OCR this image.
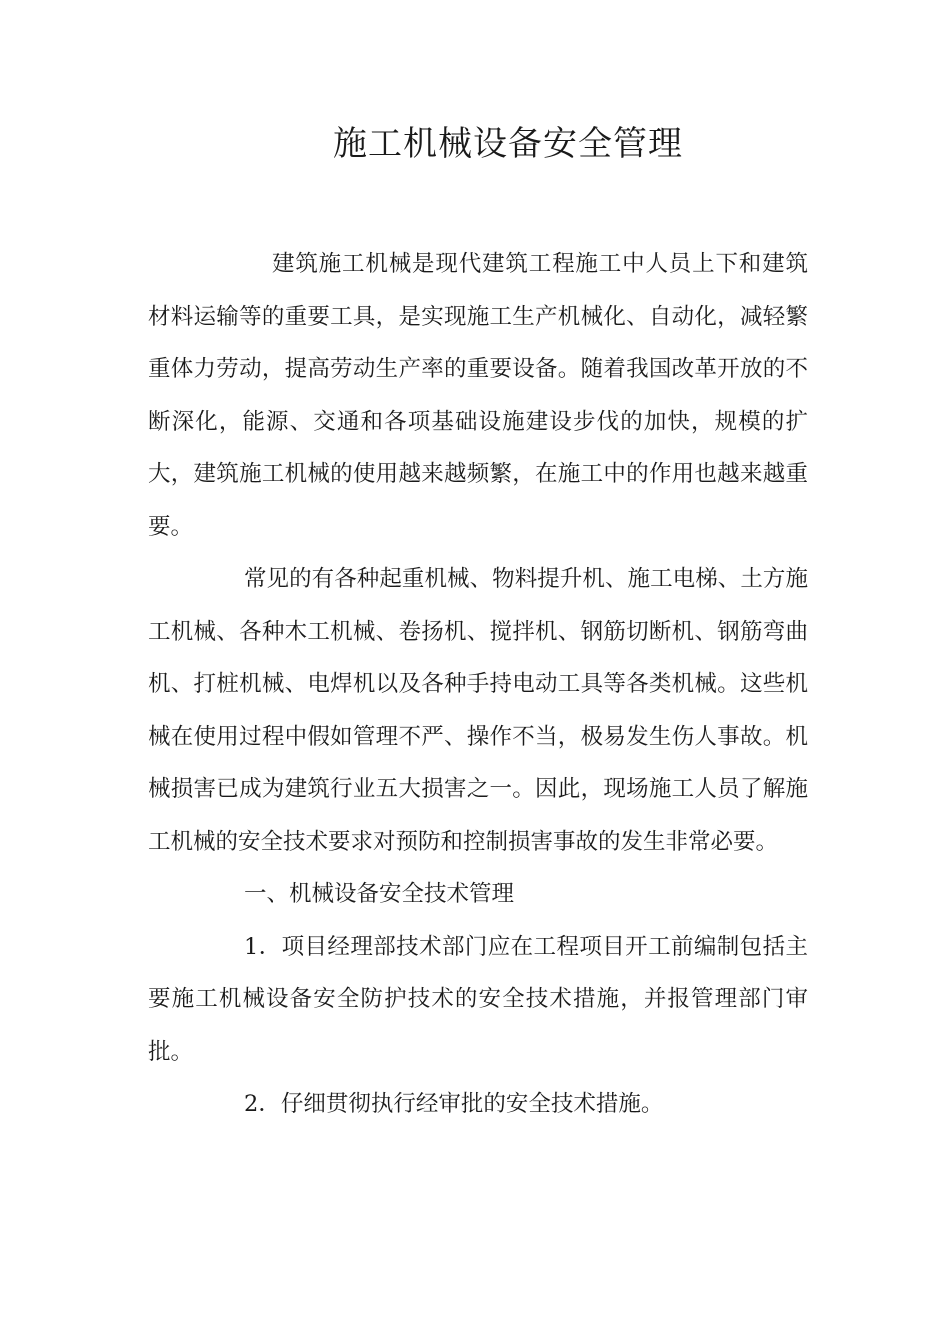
施工机械设备安全管理

建筑施工机械是现代建筑工程施工中人员上下和建筑材料运输等的重要工具，是实现施工生产机械化、自动化，减轻繁重体力劳动，提高劳动生产率的重要设备。随着我国改革开放的不断深化，能源、交通和各项基础设施建设步伐的加快，规模的扩大，建筑施工机械的使用越来越频繁，在施工中的作用也越来越重要。

常见的有各种起重机械、物料提升机、施工电梯、土方施工机械、各种木工机械、卷扬机、搅拌机、钢筋切断机、钢筋弯曲机、打桩机械、电焊机以及各种手持电动工具等各类机械。这些机械在使用过程中假如管理不严、操作不当，极易发生伤人事故。机械损害已成为建筑行业五大损害之一。因此，现场施工人员了解施工机械的安全技术要求对预防和控制损害事故的发生非常必要。

一、机械设备安全技术管理

1．项目经理部技术部门应在工程项目开工前编制包括主要施工机械设备安全防护技术的安全技术措施，并报管理部门审批。

2．仔细贯彻执行经审批的安全技术措施。
